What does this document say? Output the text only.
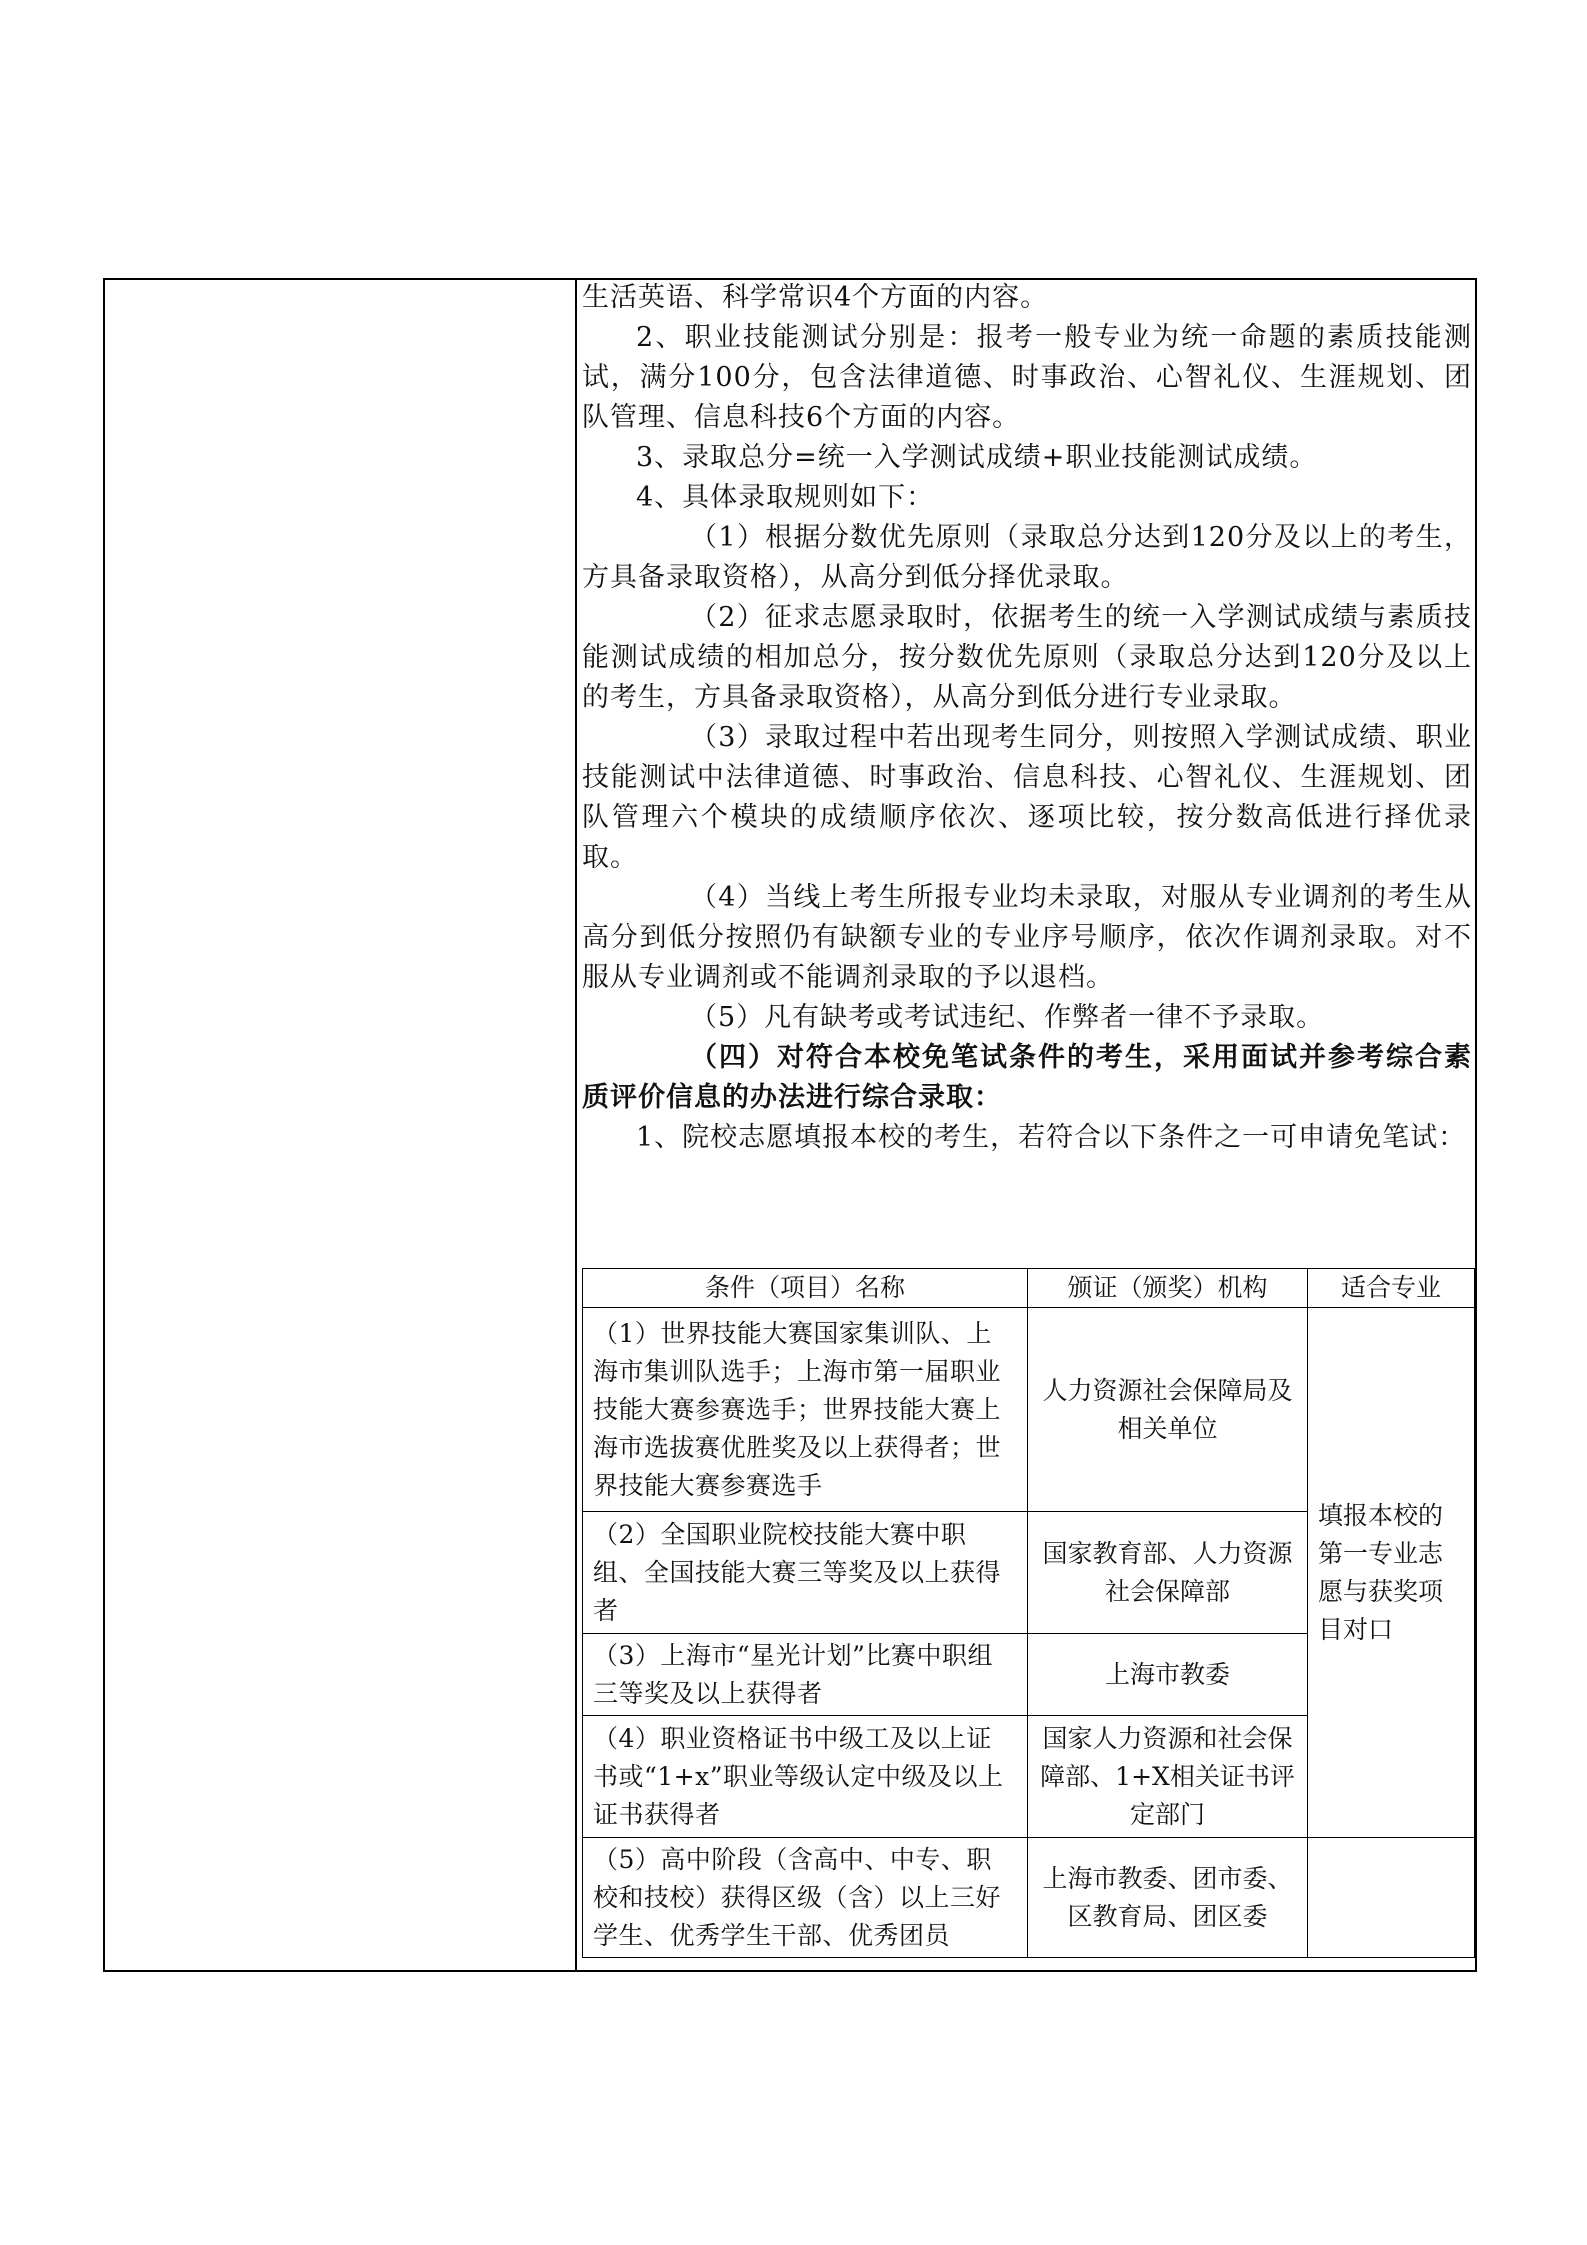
生活英语、科学常识4个方面的内容。

2、职业技能测试分别是：报考一般专业为统一命题的素质技能测试，满分100分，包含法律道德、时事政治、心智礼仪、生涯规划、团队管理、信息科技6个方面的内容。

3、录取总分=统一入学测试成绩+职业技能测试成绩。

4、具体录取规则如下：

（1）根据分数优先原则（录取总分达到120分及以上的考生，方具备录取资格），从高分到低分择优录取。

（2）征求志愿录取时，依据考生的统一入学测试成绩与素质技能测试成绩的相加总分，按分数优先原则（录取总分达到120分及以上的考生，方具备录取资格），从高分到低分进行专业录取。

（3）录取过程中若出现考生同分，则按照入学测试成绩、职业技能测试中法律道德、时事政治、信息科技、心智礼仪、生涯规划、团队管理六个模块的成绩顺序依次、逐项比较，按分数高低进行择优录取。

（4）当线上考生所报专业均未录取，对服从专业调剂的考生从高分到低分按照仍有缺额专业的专业序号顺序，依次作调剂录取。对不服从专业调剂或不能调剂录取的予以退档。

（5）凡有缺考或考试违纪、作弊者一律不予录取。

（四）对符合本校免笔试条件的考生，采用面试并参考综合素质评价信息的办法进行综合录取：

1、院校志愿填报本校的考生，若符合以下条件之一可申请免笔试：

条件（项目）名称	颁证（颁奖）机构	适合专业
（1）世界技能大赛国家集训队、上海市集训队选手；上海市第一届职业技能大赛参赛选手；世界技能大赛上海市选拔赛优胜奖及以上获得者；世界技能大赛参赛选手	人力资源社会保障局及相关单位	填报本校的第一专业志愿与获奖项目对口
（2）全国职业院校技能大赛中职组、全国技能大赛三等奖及以上获得者	国家教育部、人力资源社会保障部	
（3）上海市“星光计划”比赛中职组三等奖及以上获得者	上海市教委	
（4）职业资格证书中级工及以上证书或“1+x”职业等级认定中级及以上证书获得者	国家人力资源和社会保障部、1+X相关证书评定部门	
（5）高中阶段（含高中、中专、职校和技校）获得区级（含）以上三好学生、优秀学生干部、优秀团员	上海市教委、团市委、区教育局、团区委	
